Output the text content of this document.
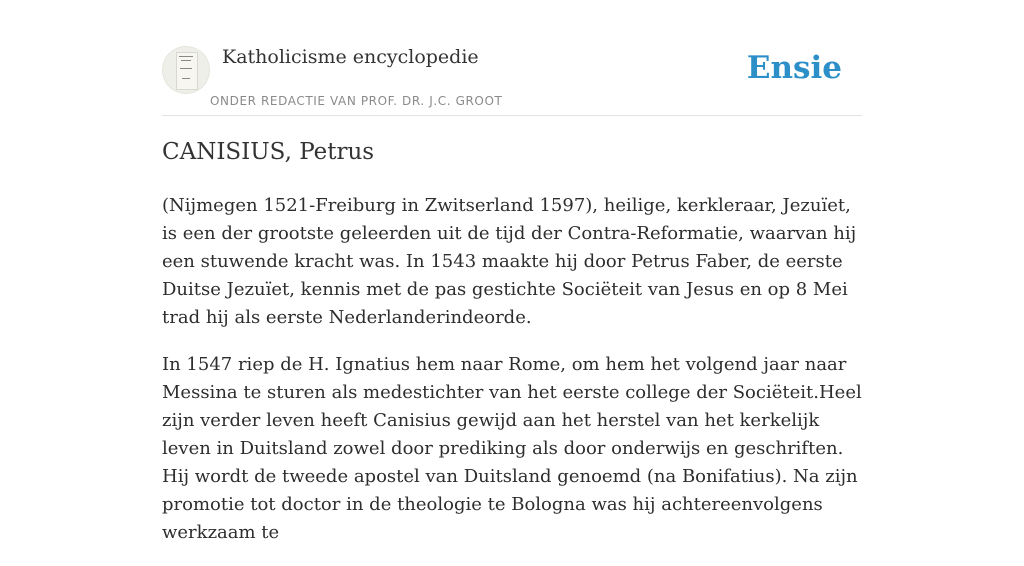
Katholicisme encyclopedie
ONDER REDACTIE VAN PROF. DR. J.C. GROOT
Ensie
CANISIUS, Petrus

(Nijmegen 1521-Freiburg in Zwitserland 1597), heilige, kerkleraar, Jezuïet, is een der grootste geleerden uit de tijd der Contra-Reformatie, waarvan hij een stuwende kracht was. In 1543 maakte hij door Petrus Faber, de eerste Duitse Jezuïet, kennis met de pas gestichte Sociëteit van Jesus en op 8 Mei trad hij als eerste Nederlanderindeorde.

In 1547 riep de H. Ignatius hem naar Rome, om hem het volgend jaar naar Messina te sturen als medestichter van het eerste college der Sociëteit.Heel zijn verder leven heeft Canisius gewijd aan het herstel van het kerkelijk leven in Duitsland zowel door prediking als door onderwijs en geschriften. Hij wordt de tweede apostel van Duitsland genoemd (na Bonifatius). Na zijn promotie tot doctor in de theologie te Bologna was hij achtereenvolgens werkzaam te
